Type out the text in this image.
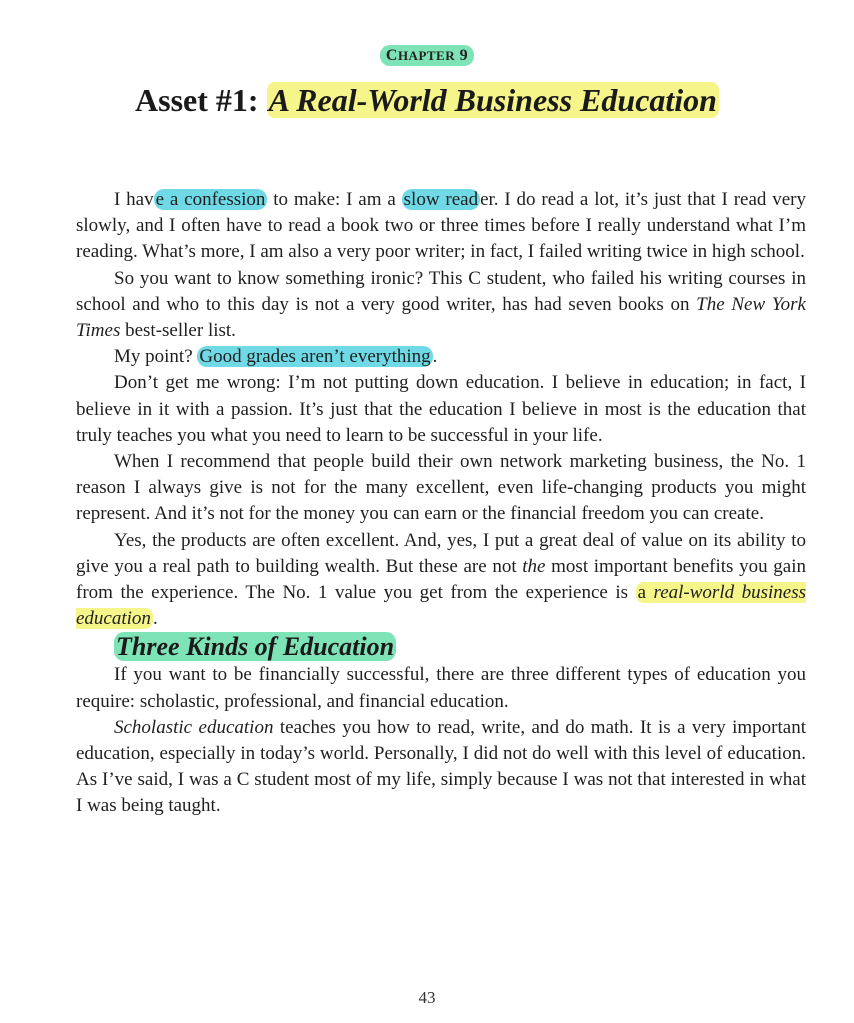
CHAPTER 9
Asset #1: A Real-World Business Education

I hav e a confession to make: I am a slow read er. I do read a lot, it’s just that I read very slowly, and I often have to read a book two or three times before I really understand what I’m reading. What’s more, I am also a very poor writer; in fact, I failed writing twice in high school.

So you want to know something ironic? This C student, who failed his writing courses in school and who to this day is not a very good writer, has had seven books on The New York Times best-seller list.

My point? Good grades aren’t everything .

Don’t get me wrong: I’m not putting down education. I believe in education; in fact, I believe in it with a passion. It’s just that the education I believe in most is the education that truly teaches you what you need to learn to be successful in your life.

When I recommend that people build their own network marketing business, the No. 1 reason I always give is not for the many excellent, even life-changing products you might represent. And it’s not for the money you can earn or the financial freedom you can create.

Yes, the products are often excellent. And, yes, I put a great deal of value on its ability to give you a real path to building wealth. But these are not the most important benefits you gain from the experience. The No. 1 value you get from the experience is a real-world business education .

Three Kinds of Education

If you want to be financially successful, there are three different types of education you require: scholastic, professional, and financial education.

Scholastic education teaches you how to read, write, and do math. It is a very important education, especially in today’s world. Personally, I did not do well with this level of education. As I’ve said, I was a C student most of my life, simply because I was not that interested in what I was being taught.

43
